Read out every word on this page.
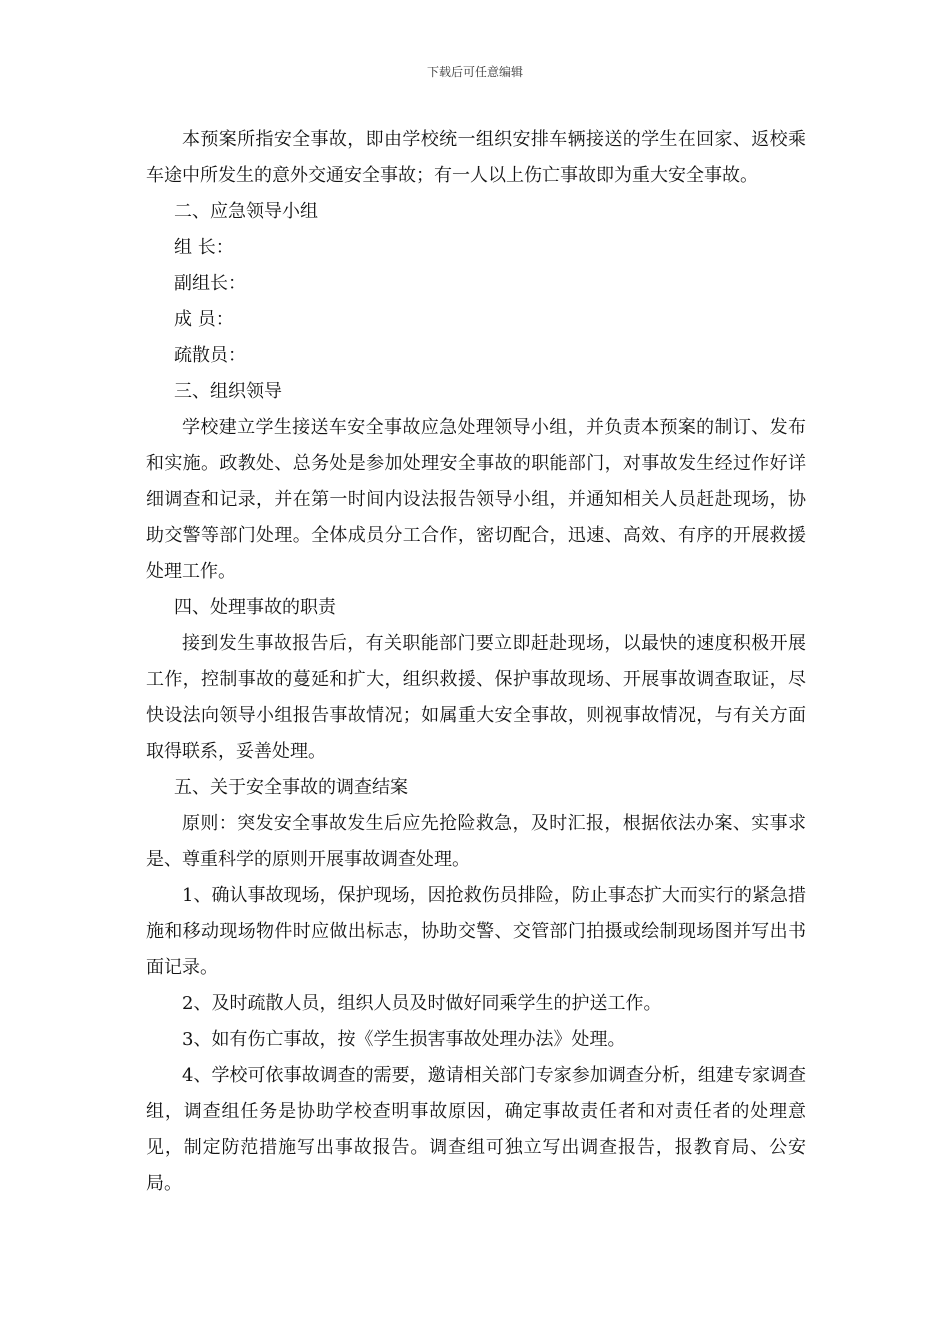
下载后可任意编辑

本预案所指安全事故，即由学校统一组织安排车辆接送的学生在回家、返校乘车途中所发生的意外交通安全事故；有一人以上伤亡事故即为重大安全事故。

二、应急领导小组

组 长：

副组长：

成 员：

疏散员：

三、组织领导

学校建立学生接送车安全事故应急处理领导小组，并负责本预案的制订、发布和实施。政教处、总务处是参加处理安全事故的职能部门，对事故发生经过作好详细调查和记录，并在第一时间内设法报告领导小组，并通知相关人员赶赴现场，协助交警等部门处理。全体成员分工合作，密切配合，迅速、高效、有序的开展救援处理工作。

四、处理事故的职责

接到发生事故报告后，有关职能部门要立即赶赴现场，以最快的速度积极开展工作，控制事故的蔓延和扩大，组织救援、保护事故现场、开展事故调查取证，尽快设法向领导小组报告事故情况；如属重大安全事故，则视事故情况，与有关方面取得联系，妥善处理。

五、关于安全事故的调查结案

原则：突发安全事故发生后应先抢险救急，及时汇报，根据依法办案、实事求是、尊重科学的原则开展事故调查处理。

1、确认事故现场，保护现场，因抢救伤员排险，防止事态扩大而实行的紧急措施和移动现场物件时应做出标志，协助交警、交管部门拍摄或绘制现场图并写出书面记录。

2、及时疏散人员，组织人员及时做好同乘学生的护送工作。

3、如有伤亡事故，按《学生损害事故处理办法》处理。

4、学校可依事故调查的需要，邀请相关部门专家参加调查分析，组建专家调查组，调查组任务是协助学校查明事故原因，确定事故责任者和对责任者的处理意见，制定防范措施写出事故报告。调查组可独立写出调查报告，报教育局、公安局。
